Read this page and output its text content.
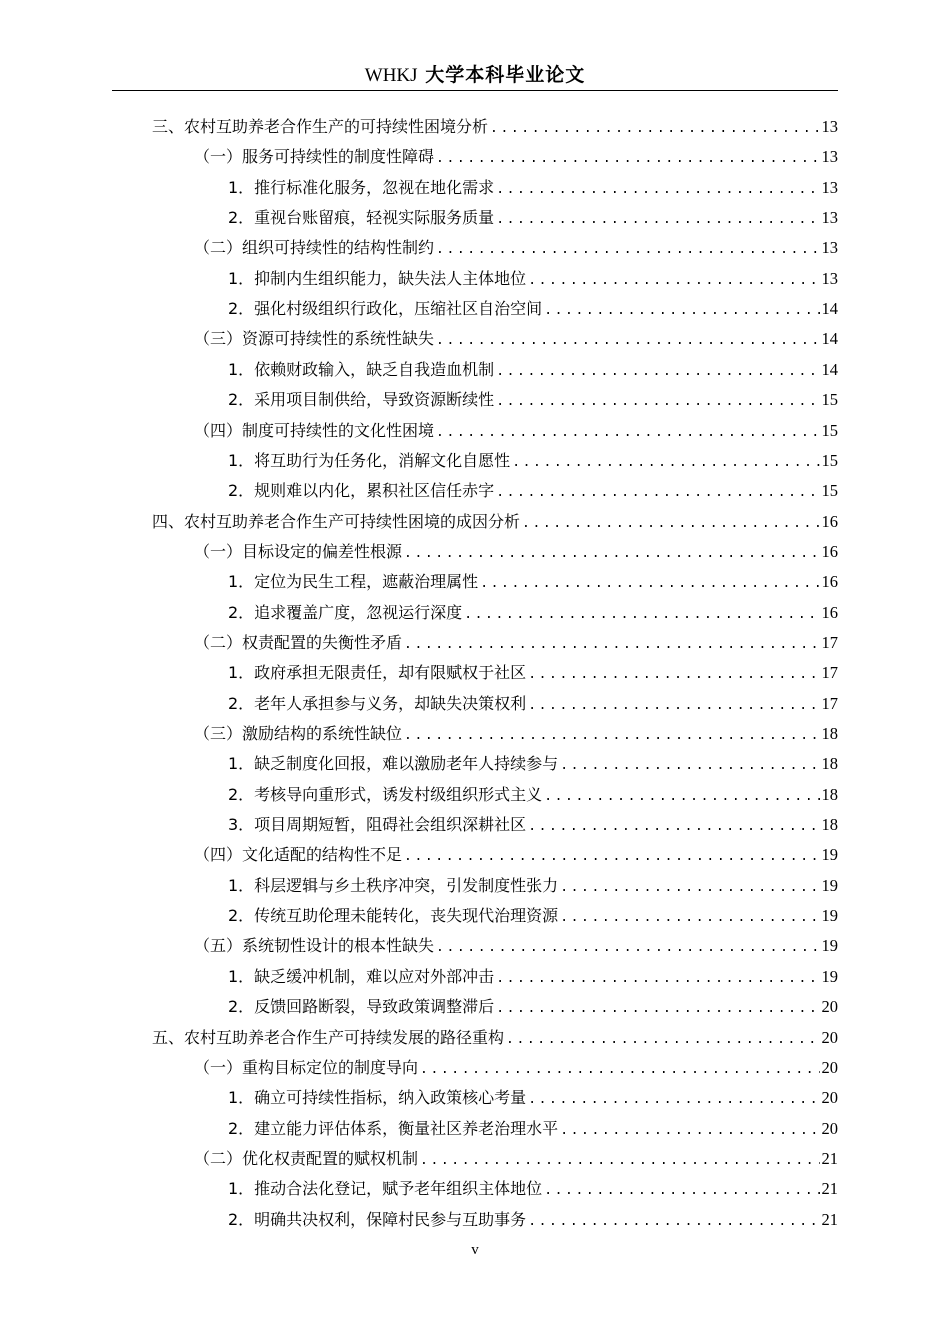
WHKJ 大学本科毕业论文
三、农村互助养老合作生产的可持续性困境分析 .....	13
（一）服务可持续性的制度性障碍 .....	13
1．推行标准化服务，忽视在地化需求 .....	13
2．重视台账留痕，轻视实际服务质量 .....	13
（二）组织可持续性的结构性制约 .....	13
1．抑制内生组织能力，缺失法人主体地位 .....	13
2．强化村级组织行政化，压缩社区自治空间 .....	14
（三）资源可持续性的系统性缺失 .....	14
1．依赖财政输入，缺乏自我造血机制 .....	14
2．采用项目制供给，导致资源断续性 .....	15
（四）制度可持续性的文化性困境 .....	15
1．将互助行为任务化，消解文化自愿性 .....	15
2．规则难以内化，累积社区信任赤字 .....	15
四、农村互助养老合作生产可持续性困境的成因分析 .....	16
（一）目标设定的偏差性根源 .....	16
1．定位为民生工程，遮蔽治理属性 .....	16
2．追求覆盖广度，忽视运行深度 .....	16
（二）权责配置的失衡性矛盾 .....	17
1．政府承担无限责任，却有限赋权于社区 .....	17
2．老年人承担参与义务，却缺失决策权利 .....	17
（三）激励结构的系统性缺位 .....	18
1．缺乏制度化回报，难以激励老年人持续参与 .....	18
2．考核导向重形式，诱发村级组织形式主义 .....	18
3．项目周期短暂，阻碍社会组织深耕社区 .....	18
（四）文化适配的结构性不足 .....	19
1．科层逻辑与乡土秩序冲突，引发制度性张力 .....	19
2．传统互助伦理未能转化，丧失现代治理资源 .....	19
（五）系统韧性设计的根本性缺失 .....	19
1．缺乏缓冲机制，难以应对外部冲击 .....	19
2．反馈回路断裂，导致政策调整滞后 .....	20
五、农村互助养老合作生产可持续发展的路径重构 .....	20
（一）重构目标定位的制度导向 .....	20
1．确立可持续性指标，纳入政策核心考量 .....	20
2．建立能力评估体系，衡量社区养老治理水平 .....	20
（二）优化权责配置的赋权机制 .....	21
1．推动合法化登记，赋予老年组织主体地位 .....	21
2．明确共决权利，保障村民参与互助事务 .....	21
v
